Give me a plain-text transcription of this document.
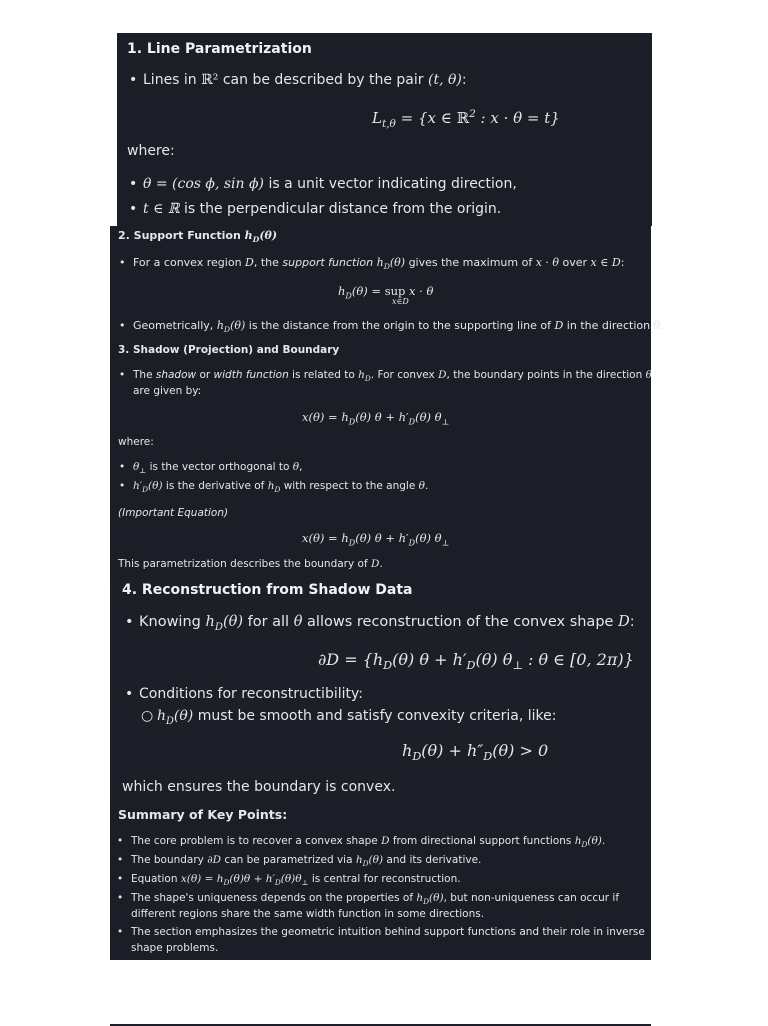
1. Line Parametrization
• Lines in ℝ² can be described by the pair (t, θ):
$L_{t,\theta} = \{x$ ∈ ℝ$^2$ : x · θ = t}
where:
• θ = (cos ϕ, sin ϕ) is a unit vector indicating direction,
• t ∈ ℝ is the perpendicular distance from the origin.
2. Support Function $h_D(\theta)$
• For a convex region D, the support function $h_D(\theta)$ gives the maximum of x · θ over x ∈ D:
$h_D(\theta)$ = sup x · θ
x∈D
• Geometrically, $h_D(\theta)$ is the distance from the origin to the supporting line of D in the direction θ.
3. Shadow (Projection) and Boundary
• The shadow or width function is related to $h_D$. For convex D, the boundary points in the direction θ
are given by:
$x(\theta) = h_D(\theta) \theta + h'_D(\theta)$ $\theta_\perp$
where:
• $\theta_\perp$ is the vector orthogonal to θ,
• $h'_D(\theta)$ is the derivative of $h_D$ with respect to the angle θ.
(Important Equation)
$x(\theta) = h_D(\theta) \theta + h'_D(\theta)$ $\theta_\perp$
This parametrization describes the boundary of D.
4. Reconstruction from Shadow Data
• Knowing $h_D(\theta)$ for all θ allows reconstruction of the convex shape D:
$\partial D = \{h_D(\theta) \theta + h'_D(\theta)$ $\theta_\perp$ : θ ∈ [0, 2π)}
• Conditions for reconstructibility:
○ $h_D(\theta)$ must be smooth and satisfy convexity criteria, like:
$h_D(\theta) + h''_D(\theta) > 0$
which ensures the boundary is convex.
Summary of Key Points:
• The core problem is to recover a convex shape D from directional support functions $h_D(\theta)$.
• The boundary ∂D can be parametrized via $h_D(\theta)$ and its derivative.
• Equation $x(\theta) = h_D(\theta)\theta + h'_D(\theta)\theta_\perp$ is central for reconstruction.
• The shape's uniqueness depends on the properties of $h_D(\theta)$, but non-uniqueness can occur if
different regions share the same width function in some directions.
• The section emphasizes the geometric intuition behind support functions and their role in inverse
shape problems.
